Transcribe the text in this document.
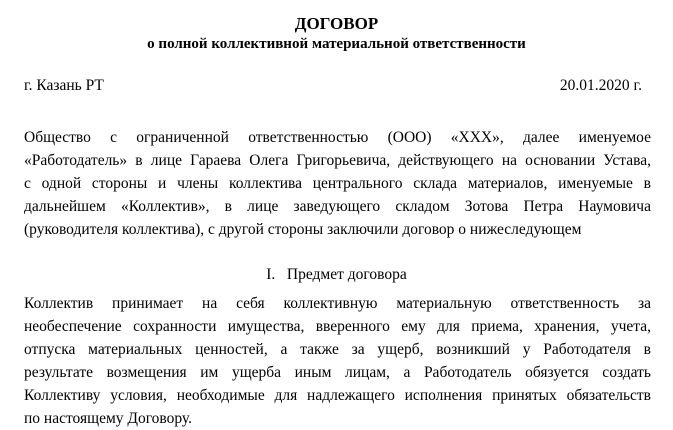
ДОГОВОР
о полной коллективной материальной ответственности
г. Казань РТ	20.01.2020 г.
Общество с ограниченной ответственностью (ООО) «XXX», далее именуемое
«Работодатель» в лице Гараева Олега Григорьевича, действующего на основании Устава,
с одной стороны и члены коллектива центрального склада материалов, именуемые в
дальнейшем «Коллектив», в лице заведующего складом Зотова Петра Наумовича
(руководителя коллектива), с другой стороны заключили договор о нижеследующем
I.   Предмет договора
Коллектив принимает на себя коллективную материальную ответственность за
необеспечение сохранности имущества, вверенного ему для приема, хранения, учета,
отпуска материальных ценностей, а также за ущерб, возникший у Работодателя в
результате возмещения им ущерба иным лицам, а Работодатель обязуется создать
Коллективу условия, необходимые для надлежащего исполнения принятых обязательств
по настоящему Договору.
